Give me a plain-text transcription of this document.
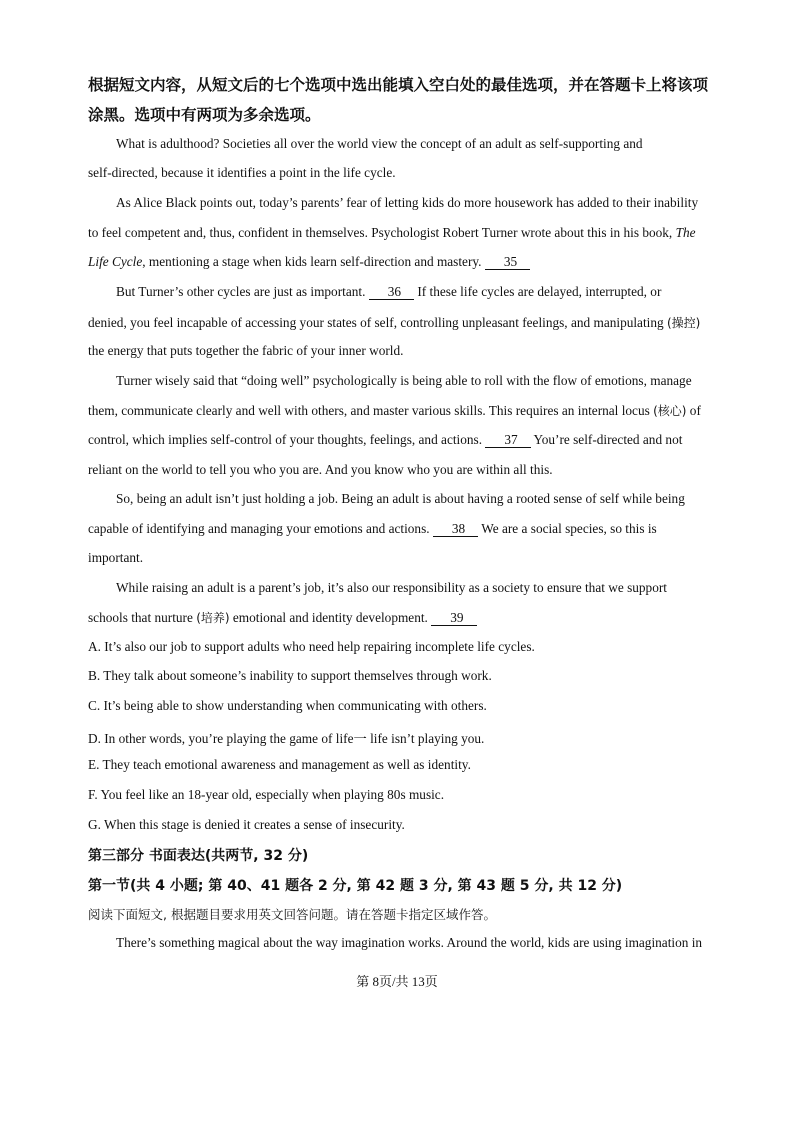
根据短文内容，从短文后的七个选项中选出能填入空白处的最佳选项，并在答题卡上将该项
涂黑。选项中有两项为多余选项。
What is adulthood? Societies all over the world view the concept of an adult as self-supporting and
self-directed, because it identifies a point in the life cycle.
As Alice Black points out, today’s parents’ fear of letting kids do more housework has added to their inability
to feel competent and, thus, confident in themselves. Psychologist Robert Turner wrote about this in his book, The
Life Cycle, mentioning a stage when kids learn self-direction and mastery. 35
But Turner’s other cycles are just as important. 36 If these life cycles are delayed, interrupted, or
denied, you feel incapable of accessing your states of self, controlling unpleasant feelings, and manipulating (操控)
the energy that puts together the fabric of your inner world.
Turner wisely said that “doing well” psychologically is being able to roll with the flow of emotions, manage
them, communicate clearly and well with others, and master various skills. This requires an internal locus (核心) of
control, which implies self-control of your thoughts, feelings, and actions. 37 You’re self-directed and not
reliant on the world to tell you who you are. And you know who you are within all this.
So, being an adult isn’t just holding a job. Being an adult is about having a rooted sense of self while being
capable of identifying and managing your emotions and actions. 38 We are a social species, so this is
important.
While raising an adult is a parent’s job, it’s also our responsibility as a society to ensure that we support
schools that nurture (培养) emotional and identity development. 39
A. It’s also our job to support adults who need help repairing incomplete life cycles.
B. They talk about someone’s inability to support themselves through work.
C. It’s being able to show understanding when communicating with others.
D. In other words, you’re playing the game of life一 life isn’t playing you.
E. They teach emotional awareness and management as well as identity.
F. You feel like an 18-year old, especially when playing 80s music.
G. When this stage is denied it creates a sense of insecurity.
第三部分 书面表达(共两节, 32 分)
第一节(共 4 小题; 第 40、41 题各 2 分, 第 42 题 3 分, 第 43 题 5 分, 共 12 分)
阅读下面短文, 根据题目要求用英文回答问题。请在答题卡指定区域作答。
There’s something magical about the way imagination works. Around the world, kids are using imagination in
第 8页/共 13页
